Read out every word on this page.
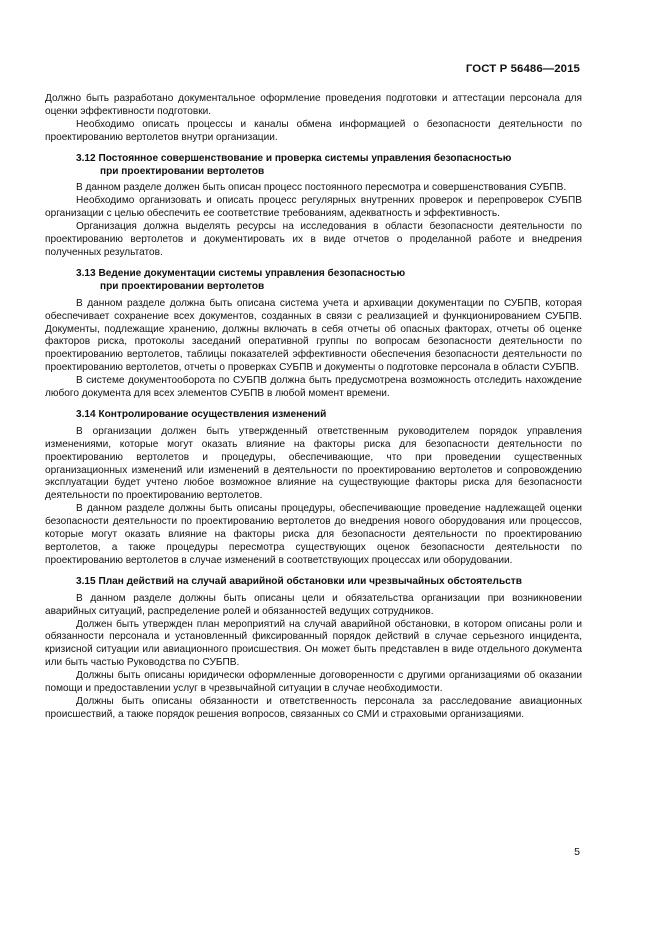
ГОСТ Р 56486—2015

Должно быть разработано документальное оформление проведения подготовки и аттестации персонала для оценки эффективности подготовки.

Необходимо описать процессы и каналы обмена информацией о безопасности деятельности по проектированию вертолетов внутри организации.

3.12 Постоянное совершенствование и проверка системы управления безопасностью
при проектировании вертолетов

В данном разделе должен быть описан процесс постоянного пересмотра и совершенствования СУБПВ.

Необходимо организовать и описать процесс регулярных внутренних проверок и перепроверок СУБПВ организации с целью обеспечить ее соответствие требованиям, адекватность и эффективность.

Организация должна выделять ресурсы на исследования в области безопасности деятельности по проектированию вертолетов и документировать их в виде отчетов о проделанной работе и внедрения полученных результатов.

3.13 Ведение документации системы управления безопасностью
при проектировании вертолетов

В данном разделе должна быть описана система учета и архивации документации по СУБПВ, которая обеспечивает сохранение всех документов, созданных в связи с реализацией и функционированием СУБПВ. Документы, подлежащие хранению, должны включать в себя отчеты об опасных факторах, отчеты об оценке факторов риска, протоколы заседаний оперативной группы по вопросам безопасности деятельности по проектированию вертолетов, таблицы показателей эффективности обеспечения безопасности деятельности по проектированию вертолетов, отчеты о проверках СУБПВ и документы о подготовке персонала в области СУБПВ.

В системе документооборота по СУБПВ должна быть предусмотрена возможность отследить нахождение любого документа для всех элементов СУБПВ в любой момент времени.

3.14 Контролирование осуществления изменений

В организации должен быть утвержденный ответственным руководителем порядок управления изменениями, которые могут оказать влияние на факторы риска для безопасности деятельности по проектированию вертолетов и процедуры, обеспечивающие, что при проведении существенных организационных изменений или изменений в деятельности по проектированию вертолетов и сопровождению эксплуатации будет учтено любое возможное влияние на существующие факторы риска для безопасности деятельности по проектированию вертолетов.

В данном разделе должны быть описаны процедуры, обеспечивающие проведение надлежащей оценки безопасности деятельности по проектированию вертолетов до внедрения нового оборудования или процессов, которые могут оказать влияние на факторы риска для безопасности деятельности по проектированию вертолетов, а также процедуры пересмотра существующих оценок безопасности деятельности по проектированию вертолетов в случае изменений в соответствующих процессах или оборудовании.

3.15 План действий на случай аварийной обстановки или чрезвычайных обстоятельств

В данном разделе должны быть описаны цели и обязательства организации при возникновении аварийных ситуаций, распределение ролей и обязанностей ведущих сотрудников.

Должен быть утвержден план мероприятий на случай аварийной обстановки, в котором описаны роли и обязанности персонала и установленный фиксированный порядок действий в случае серьезного инцидента, кризисной ситуации или авиационного происшествия. Он может быть представлен в виде отдельного документа или быть частью Руководства по СУБПВ.

Должны быть описаны юридически оформленные договоренности с другими организациями об оказании помощи и предоставлении услуг в чрезвычайной ситуации в случае необходимости.

Должны быть описаны обязанности и ответственность персонала за расследование авиационных происшествий, а также порядок решения вопросов, связанных со СМИ и страховыми организациями.

5
